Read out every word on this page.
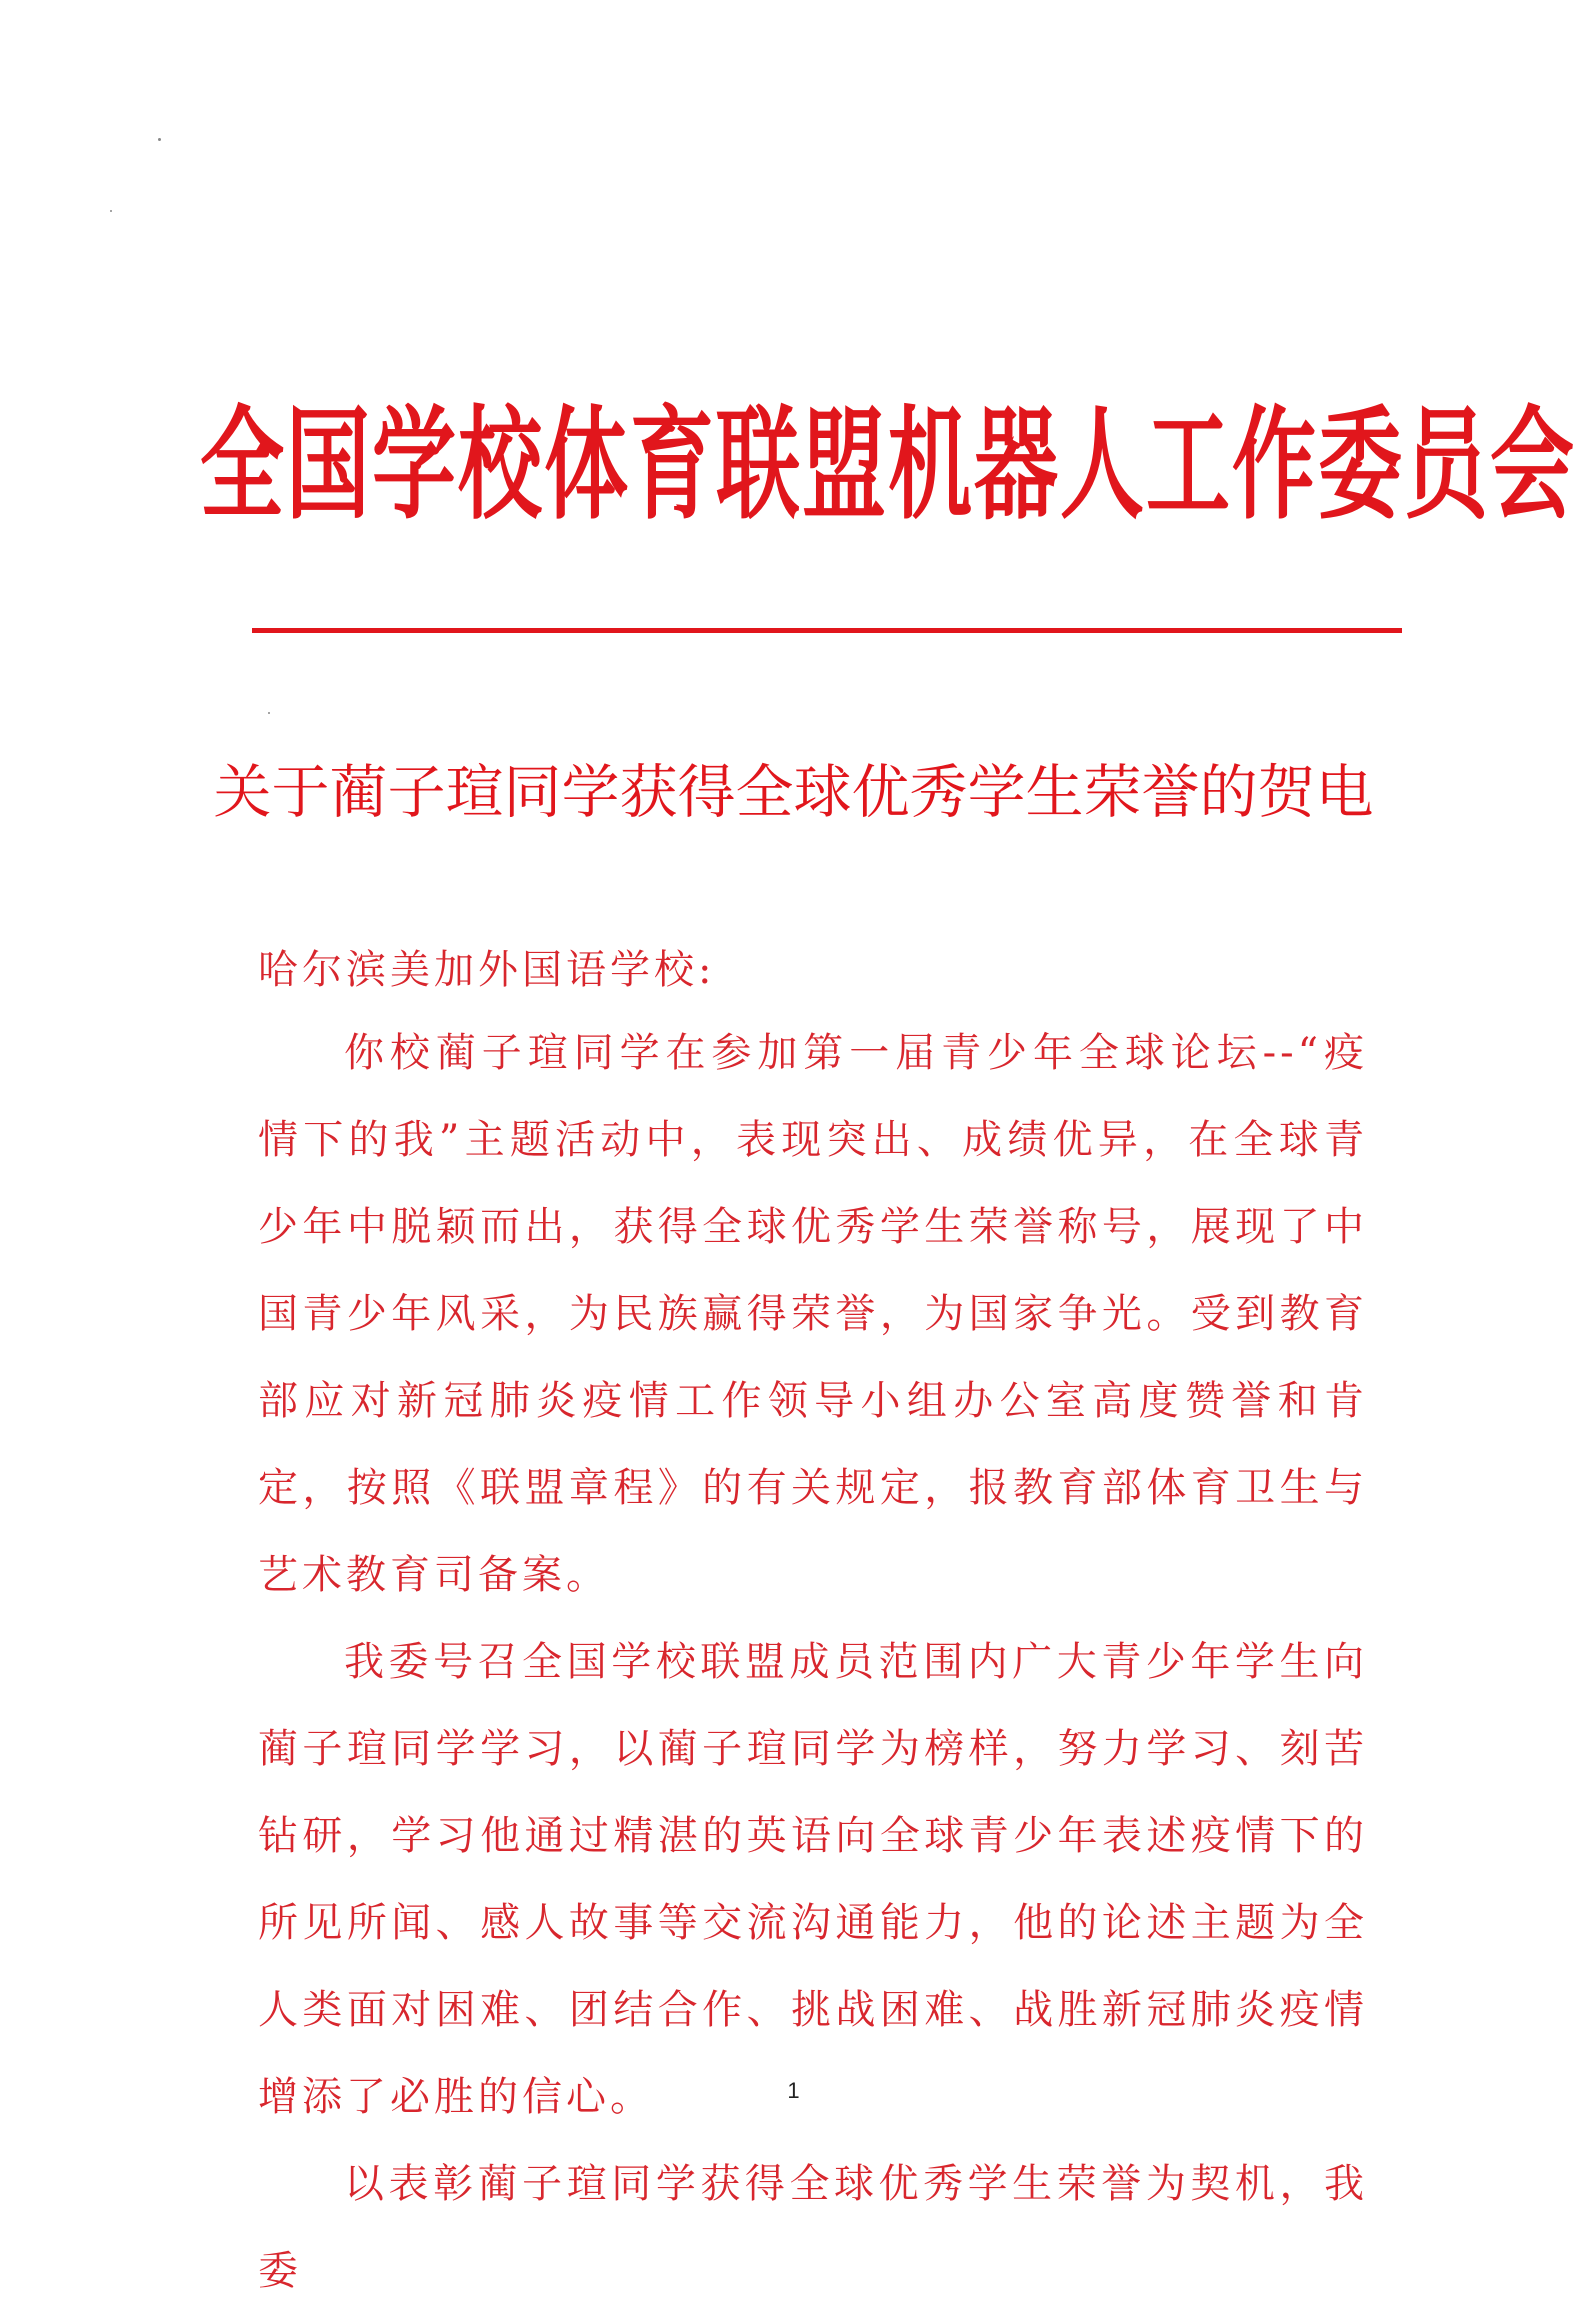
全国学校体育联盟机器人工作委员会
关于蔺子瑄同学获得全球优秀学生荣誉的贺电
哈尔滨美加外国语学校:

你校蔺子瑄同学在参加第一届青少年全球论坛--“疫情下的我”主题活动中，表现突出、成绩优异，在全球青少年中脱颖而出，获得全球优秀学生荣誉称号，展现了中国青少年风采，为民族赢得荣誉，为国家争光。受到教育部应对新冠肺炎疫情工作领导小组办公室高度赞誉和肯定，按照《联盟章程》的有关规定，报教育部体育卫生与艺术教育司备案。

我委号召全国学校联盟成员范围内广大青少年学生向蔺子瑄同学学习，以蔺子瑄同学为榜样，努力学习、刻苦钻研，学习他通过精湛的英语向全球青少年表述疫情下的所见所闻、感人故事等交流沟通能力，他的论述主题为全人类面对困难、团结合作、挑战困难、战胜新冠肺炎疫情增添了必胜的信心。

以表彰蔺子瑄同学获得全球优秀学生荣誉为契机，我委

1
